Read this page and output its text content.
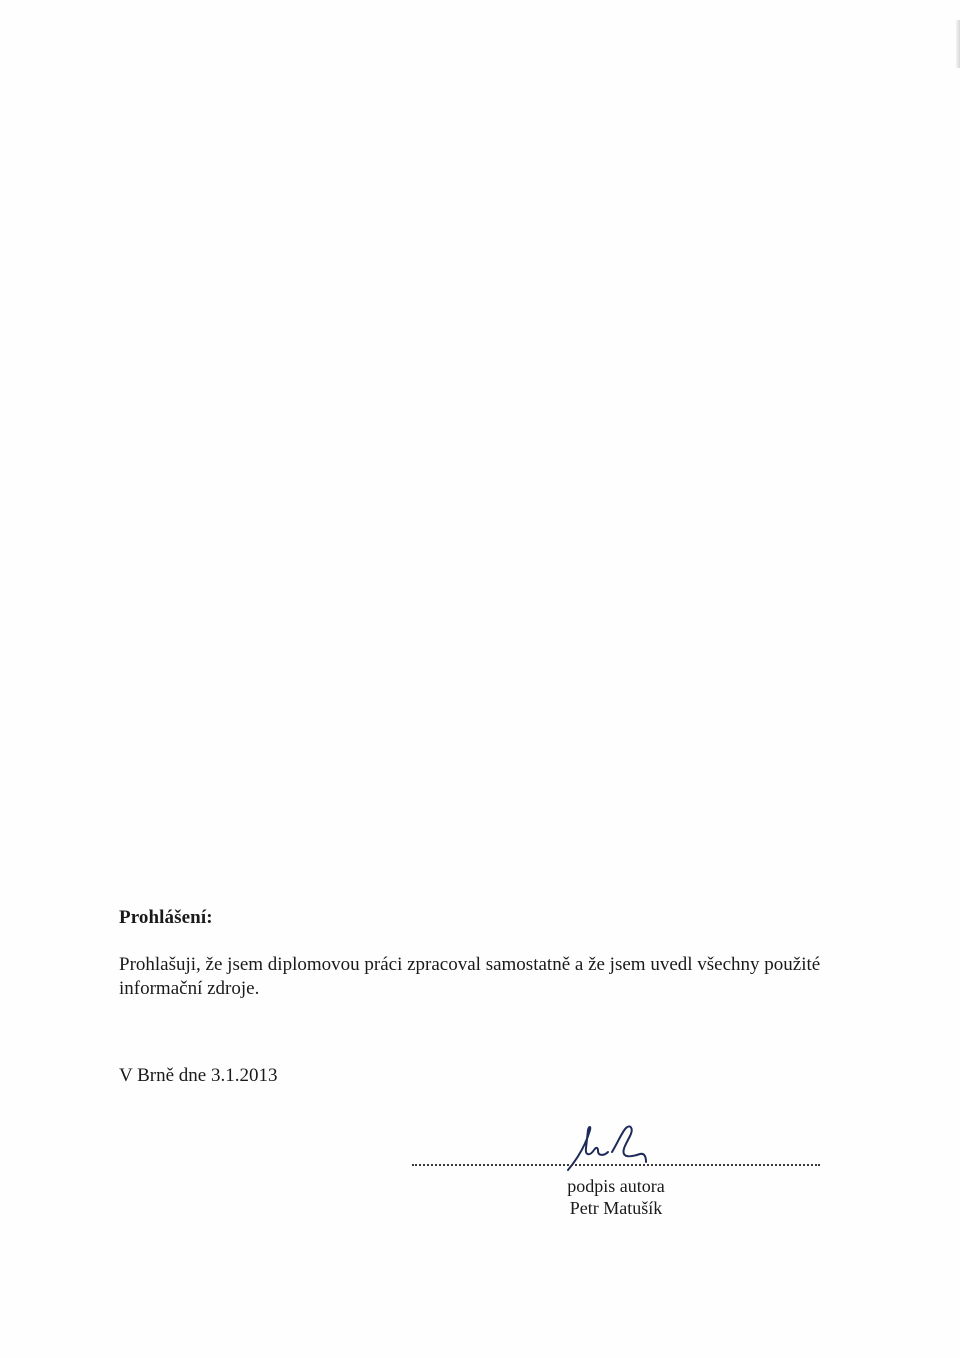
Prohlášení:
Prohlašuji, že jsem diplomovou práci zpracoval samostatně a že jsem uvedl všechny použité informační zdroje.
V Brně dne 3.1.2013
podpis autora
Petr Matušík
